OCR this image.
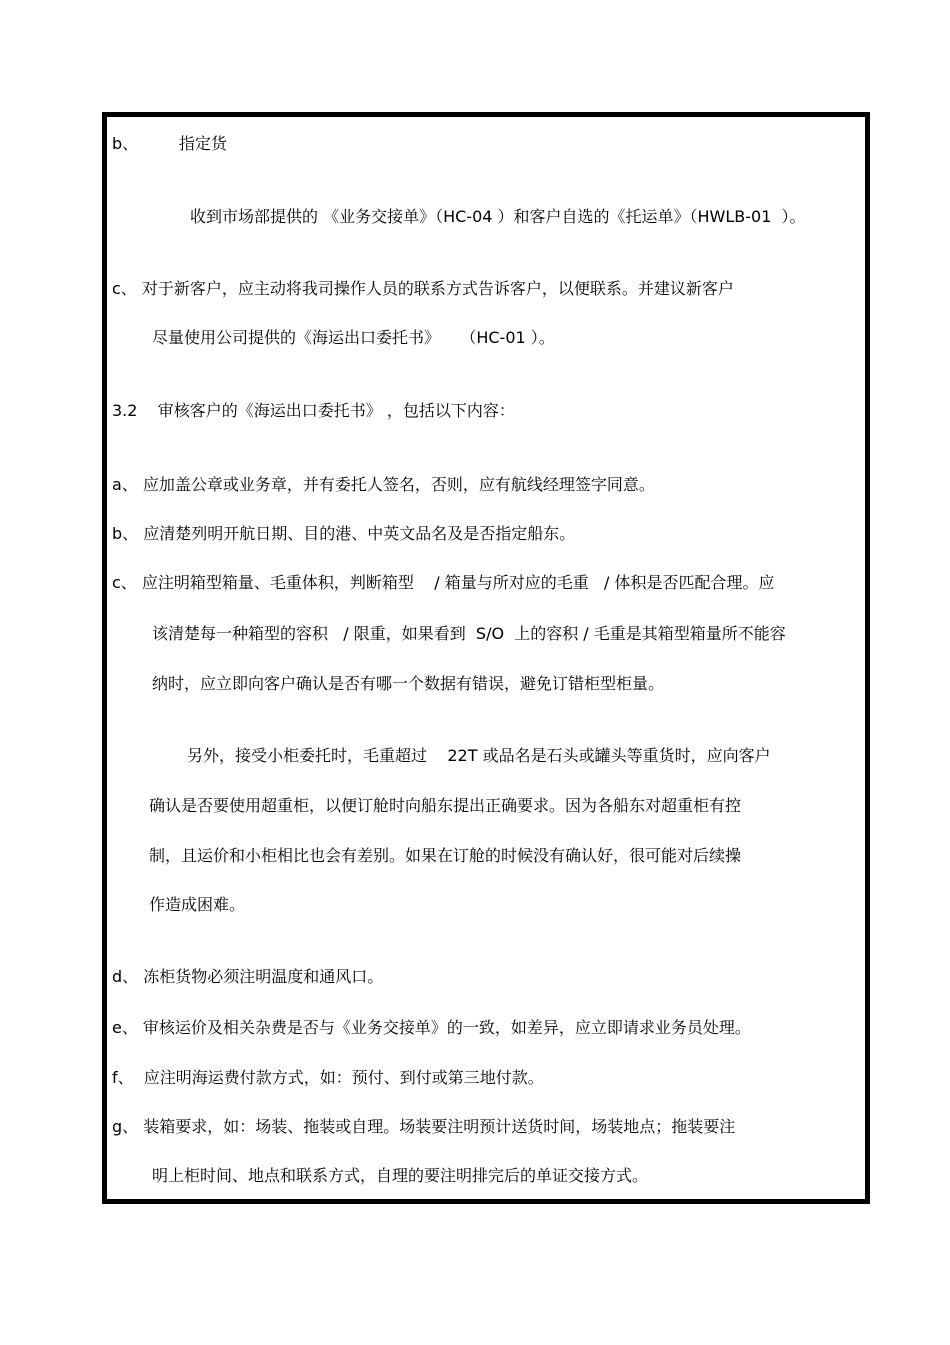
b、        指定货
收到市场部提供的 《业务交接单》（HC-04 ）和客户自选的《托运单》（HWLB-01  ）。
c、 对于新客户，应主动将我司操作人员的联系方式告诉客户，以便联系。并建议新客户
尽量使用公司提供的《海运出口委托书》    （HC-01 ）。
3.2    审核客户的《海运出口委托书》 ，包括以下内容：
a、 应加盖公章或业务章，并有委托人签名，否则，应有航线经理签字同意。
b、 应清楚列明开航日期、目的港、中英文品名及是否指定船东。
c、 应注明箱型箱量、毛重体积，判断箱型    / 箱量与所对应的毛重   / 体积是否匹配合理。应
该清楚每一种箱型的容积   / 限重，如果看到  S/O  上的容积 / 毛重是其箱型箱量所不能容
纳时，应立即向客户确认是否有哪一个数据有错误，避免订错柜型柜量。
另外，接受小柜委托时，毛重超过    22T 或品名是石头或罐头等重货时，应向客户
确认是否要使用超重柜，以便订舱时向船东提出正确要求。因为各船东对超重柜有控
制，且运价和小柜相比也会有差别。如果在订舱的时候没有确认好，很可能对后续操
作造成困难。
d、 冻柜货物必须注明温度和通风口。
e、 审核运价及相关杂费是否与《业务交接单》的一致，如差异，应立即请求业务员处理。
f、  应注明海运费付款方式，如：预付、到付或第三地付款。
g、 装箱要求，如：场装、拖装或自理。场装要注明预计送货时间，场装地点；拖装要注
明上柜时间、地点和联系方式，自理的要注明排完后的单证交接方式。
